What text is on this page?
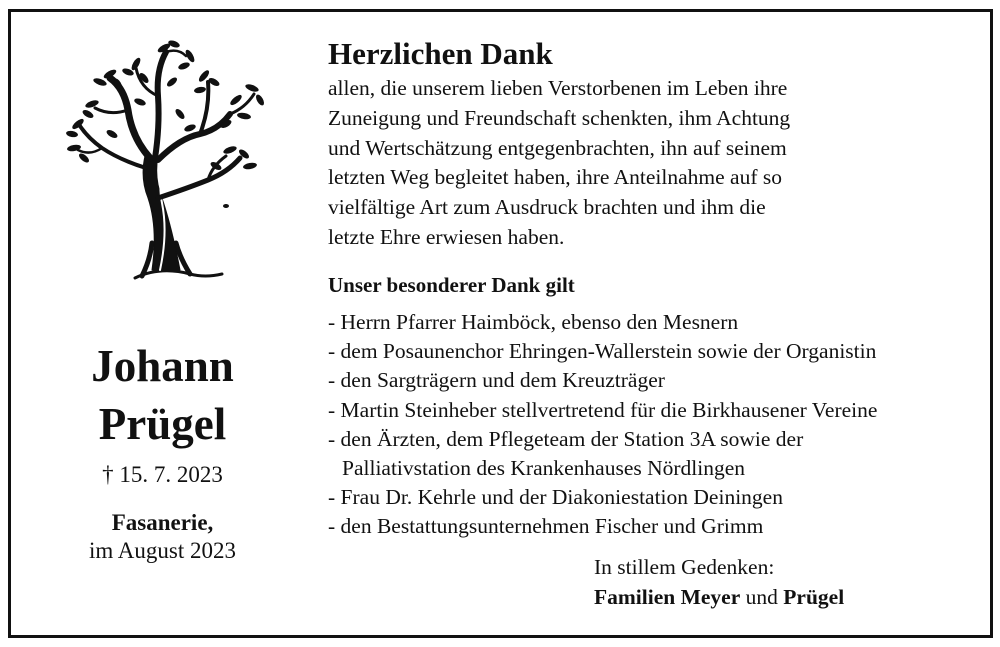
Johann
Prügel
† 15. 7. 2023
Fasanerie,
im August 2023
Herzlichen Dank
allen, die unserem lieben Verstorbenen im Leben ihre
Zuneigung und Freundschaft schenkten, ihm Achtung
und Wertschätzung entgegenbrachten, ihn auf seinem
letzten Weg begleitet haben, ihre Anteilnahme auf so
vielfältige Art zum Ausdruck brachten und ihm die
letzte Ehre erwiesen haben.
Unser besonderer Dank gilt
- Herrn Pfarrer Haimböck, ebenso den Mesnern
- dem Posaunenchor Ehringen-Wallerstein sowie der Organistin
- den Sargträgern und dem Kreuzträger
- Martin Steinheber stellvertretend für die Birkhausener Vereine
- den Ärzten, dem Pflegeteam der Station 3A sowie der
Palliativstation des Krankenhauses Nördlingen
- Frau Dr. Kehrle und der Diakoniestation Deiningen
- den Bestattungsunternehmen Fischer und Grimm
In stillem Gedenken:
Familien Meyer und Prügel
